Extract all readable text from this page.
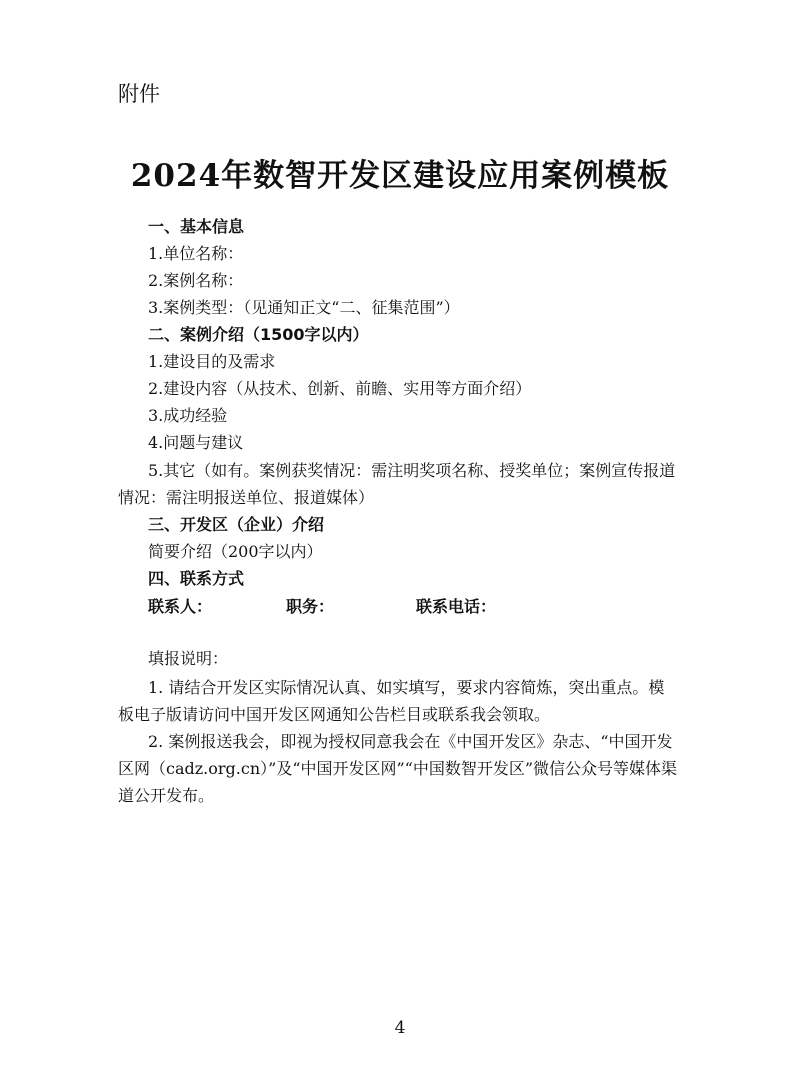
附件
2024年数智开发区建设应用案例模板
一、基本信息
1.单位名称：
2.案例名称：
3.案例类型：（见通知正文“二、征集范围”）
二、案例介绍（1500字以内）
1.建设目的及需求
2.建设内容（从技术、创新、前瞻、实用等方面介绍）
3.成功经验
4.问题与建议
5.其它（如有。案例获奖情况：需注明奖项名称、授奖单位；案例宣传报道情况：需注明报送单位、报道媒体）
三、开发区（企业）介绍
简要介绍（200字以内）
四、联系方式
联系人：	职务：	联系电话：
填报说明：
1. 请结合开发区实际情况认真、如实填写，要求内容简炼，突出重点。模板电子版请访问中国开发区网通知公告栏目或联系我会领取。
2. 案例报送我会，即视为授权同意我会在《中国开发区》杂志、“中国开发区网（cadz.org.cn）”及“中国开发区网”“中国数智开发区”微信公众号等媒体渠道公开发布。
4
